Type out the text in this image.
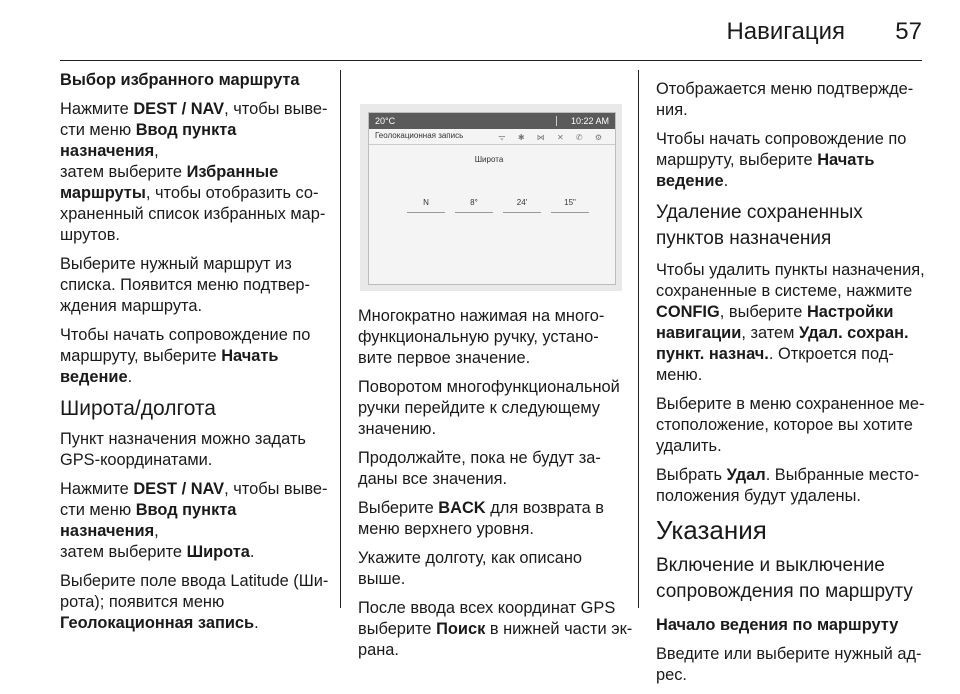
Навигация 57

Выбор избранного маршрута

Нажмите DEST / NAV, чтобы выве-
сти меню Ввод пункта назначения,
затем выберите Избранные
маршруты, чтобы отобразить со-
храненный список избранных мар-
шрутов.

Выберите нужный маршрут из
списка. Появится меню подтвер-
ждения маршрута.

Чтобы начать сопровождение по
маршруту, выберите Начать
ведение.

Широта/долгота

Пункт назначения можно задать
GPS-координатами.

Нажмите DEST / NAV, чтобы выве-
сти меню Ввод пункта назначения,
затем выберите Широта.

Выберите поле ввода Latitude (Ши-
рота); появится меню
Геолокационная запись.

20°C	10:22 AM
Геолокационная запись	ᯤ ✱ ⋈ ✕ ✆ ⚙
Широта
N	8°	24'	15"

Многократно нажимая на много-
функциональную ручку, устано-
вите первое значение.

Поворотом многофункциональной
ручки перейдите к следующему
значению.

Продолжайте, пока не будут за-
даны все значения.

Выберите BACK для возврата в
меню верхнего уровня.

Укажите долготу, как описано
выше.

После ввода всех координат GPS
выберите Поиск в нижней части эк-
рана.

Отображается меню подтвержде-
ния.

Чтобы начать сопровождение по
маршруту, выберите Начать
ведение.

Удаление сохраненных
пунктов назначения

Чтобы удалить пункты назначения,
сохраненные в системе, нажмите
CONFIG, выберите Настройки
навигации, затем Удал. сохран.
пункт. назнач.. Откроется под-
меню.

Выберите в меню сохраненное ме-
стоположение, которое вы хотите
удалить.

Выбрать Удал. Выбранные место-
положения будут удалены.

Указания

Включение и выключение
сопровождения по маршруту

Начало ведения по маршруту

Введите или выберите нужный ад-
рес.
